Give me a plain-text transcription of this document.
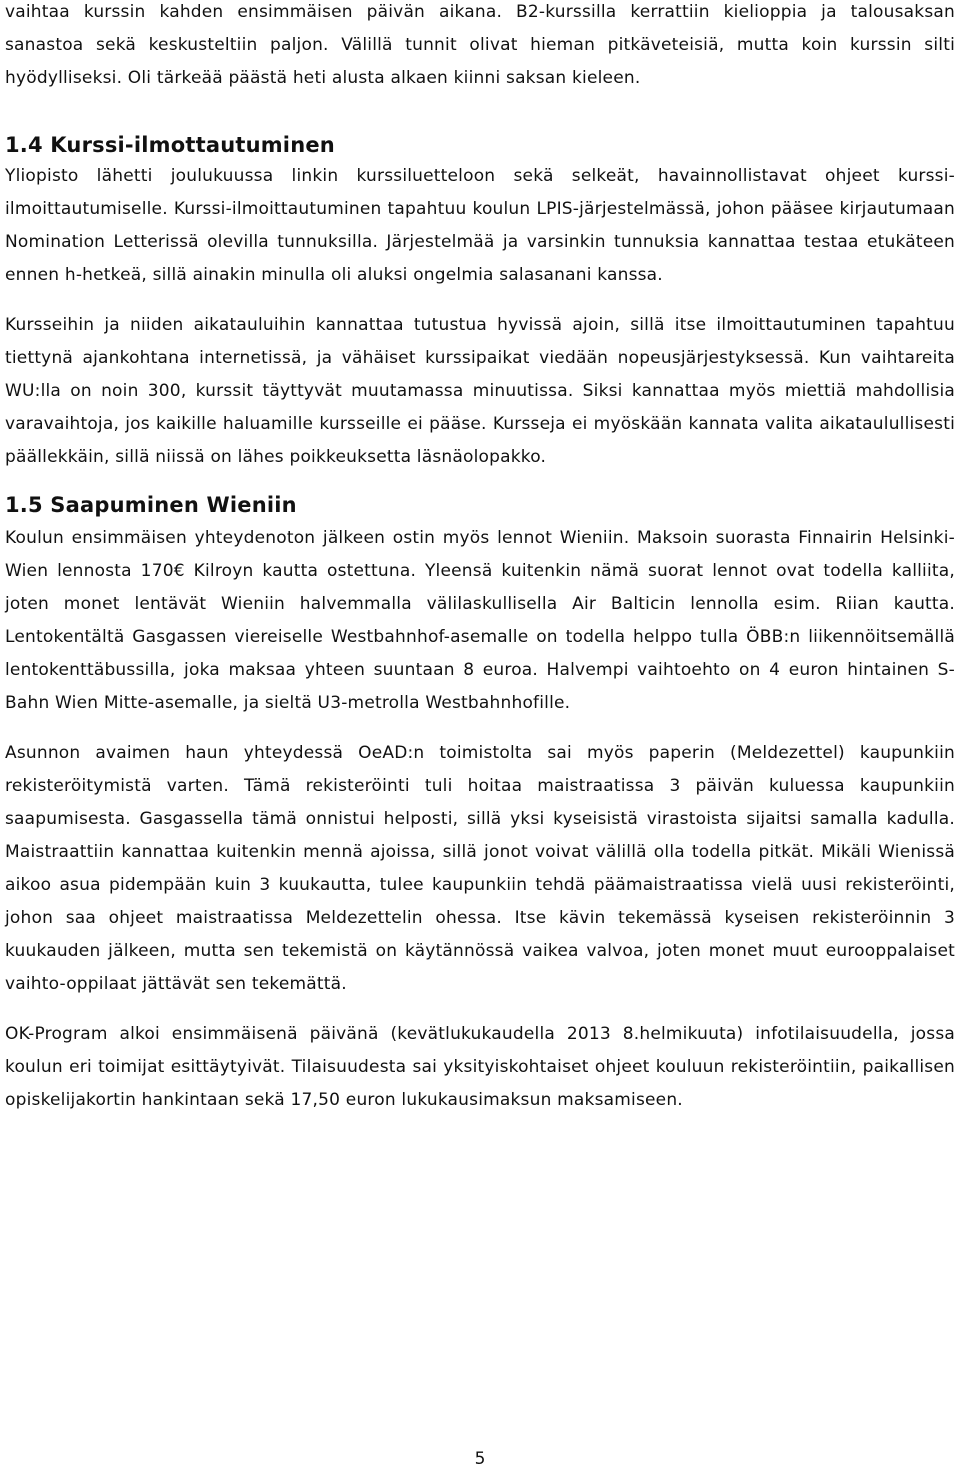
vaihtaa kurssin kahden ensimmäisen päivän aikana. B2-kurssilla kerrattiin kielioppia ja talousaksan sanastoa sekä keskusteltiin paljon. Välillä tunnit olivat hieman pitkäveteisiä, mutta koin kurssin silti hyödylliseksi. Oli tärkeää päästä heti alusta alkaen kiinni saksan kieleen.

1.4 Kurssi-ilmottautuminen

Yliopisto lähetti joulukuussa linkin kurssiluetteloon sekä selkeät, havainnollistavat ohjeet kurssi-ilmoittautumiselle. Kurssi-ilmoittautuminen tapahtuu koulun LPIS-järjestelmässä, johon pääsee kirjautumaan Nomination Letterissä olevilla tunnuksilla. Järjestelmää ja varsinkin tunnuksia kannattaa testaa etukäteen ennen h-hetkeä, sillä ainakin minulla oli aluksi ongelmia salasanani kanssa.

Kursseihin ja niiden aikatauluihin kannattaa tutustua hyvissä ajoin, sillä itse ilmoittautuminen tapahtuu tiettynä ajankohtana internetissä, ja vähäiset kurssipaikat viedään nopeusjärjestyksessä. Kun vaihtareita WU:lla on noin 300, kurssit täyttyvät muutamassa minuutissa. Siksi kannattaa myös miettiä mahdollisia varavaihtoja, jos kaikille haluamille kursseille ei pääse. Kursseja ei myöskään kannata valita aikataulullisesti päällekkäin, sillä niissä on lähes poikkeuksetta läsnäolopakko.

1.5 Saapuminen Wieniin

Koulun ensimmäisen yhteydenoton jälkeen ostin myös lennot Wieniin. Maksoin suorasta Finnairin Helsinki- Wien lennosta 170€ Kilroyn kautta ostettuna. Yleensä kuitenkin nämä suorat lennot ovat todella kalliita, joten monet lentävät Wieniin halvemmalla välilaskullisella Air Balticin lennolla esim. Riian kautta. Lentokentältä Gasgassen viereiselle Westbahnhof-asemalle on todella helppo tulla ÖBB:n liikennöitsemällä lentokenttäbussilla, joka maksaa yhteen suuntaan 8 euroa. Halvempi vaihtoehto on 4 euron hintainen S-Bahn Wien Mitte-asemalle, ja sieltä U3-metrolla Westbahnhofille.

Asunnon avaimen haun yhteydessä OeAD:n toimistolta sai myös paperin (Meldezettel) kaupunkiin rekisteröitymistä varten. Tämä rekisteröinti tuli hoitaa maistraatissa 3 päivän kuluessa kaupunkiin saapumisesta. Gasgassella tämä onnistui helposti, sillä yksi kyseisistä virastoista sijaitsi samalla kadulla. Maistraattiin kannattaa kuitenkin mennä ajoissa, sillä jonot voivat välillä olla todella pitkät. Mikäli Wienissä aikoo asua pidempään kuin 3 kuukautta, tulee kaupunkiin tehdä päämaistraatissa vielä uusi rekisteröinti, johon saa ohjeet maistraatissa Meldezettelin ohessa. Itse kävin tekemässä kyseisen rekisteröinnin 3 kuukauden jälkeen, mutta sen tekemistä on käytännössä vaikea valvoa, joten monet muut eurooppalaiset vaihto-oppilaat jättävät sen tekemättä.

OK-Program alkoi ensimmäisenä päivänä (kevätlukukaudella 2013 8.helmikuuta) infotilaisuudella, jossa koulun eri toimijat esittäytyivät. Tilaisuudesta sai yksityiskohtaiset ohjeet kouluun rekisteröintiin, paikallisen opiskelijakortin hankintaan sekä 17,50 euron lukukausimaksun maksamiseen.

5
